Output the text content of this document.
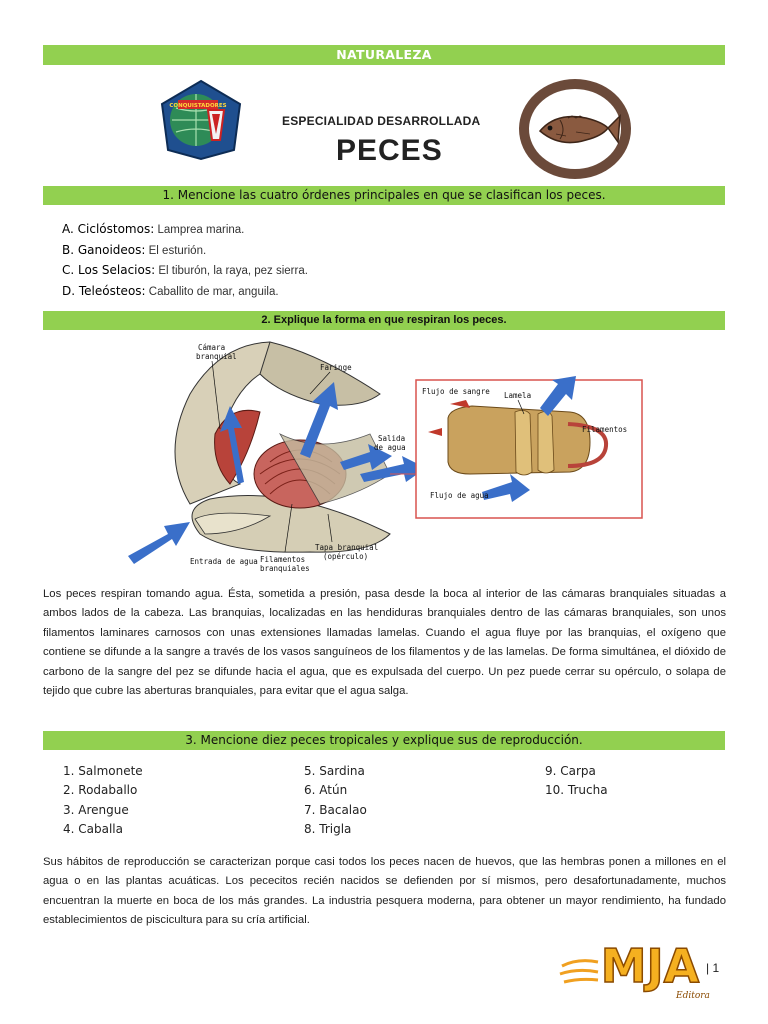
NATURALEZA
CONQUISTADORES
ESPECIALIDAD DESARROLLADA
PECES
1. Mencione las cuatro órdenes principales en que se clasifican los peces.
A. Ciclóstomos: Lamprea marina.
B. Ganoideos: El esturión.
C. Los Selacios: El tiburón, la raya, pez sierra.
D. Teleósteos: Caballito de mar, anguila.
2. Explique la forma en que respiran los peces.
Cámara
branquial
Faringe
Salida
de agua
Entrada de agua Filamentos
branquiales
Tapa branquial
(opérculo)
Flujo de sangre Lamela
Filamentos
Flujo de agua
Los peces respiran tomando agua. Ésta, sometida a presión, pasa desde la boca al interior de las cámaras branquiales situadas a ambos lados de la cabeza. Las branquias, localizadas en las hendiduras branquiales dentro de las cámaras branquiales, son unos filamentos laminares carnosos con unas extensiones llamadas lamelas. Cuando el agua fluye por las branquias, el oxígeno que contiene se difunde a la sangre a través de los vasos sanguíneos de los filamentos y de las lamelas. De forma simultánea, el dióxido de carbono de la sangre del pez se difunde hacia el agua, que es expulsada del cuerpo. Un pez puede cerrar su opérculo, o solapa de tejido que cubre las aberturas branquiales, para evitar que el agua salga.
3. Mencione diez peces tropicales y explique sus de reproducción.
1. Salmonete
2. Rodaballo
3. Arengue
4. Caballa
5. Sardina
6. Atún
7. Bacalao
8. Trigla
9. Carpa
10. Trucha
Sus hábitos de reproducción se caracterizan porque casi todos los peces nacen de huevos, que las hembras ponen a millones en el agua o en las plantas acuáticas. Los pececitos recién nacidos se defienden por sí mismos, pero desafortunadamente, muchos encuentran la muerte en boca de los más grandes. La industria pesquera moderna, para obtener un mayor rendimiento, ha fundado establecimientos de piscicultura para su cría artificial.
MJA
Editora
| 1
